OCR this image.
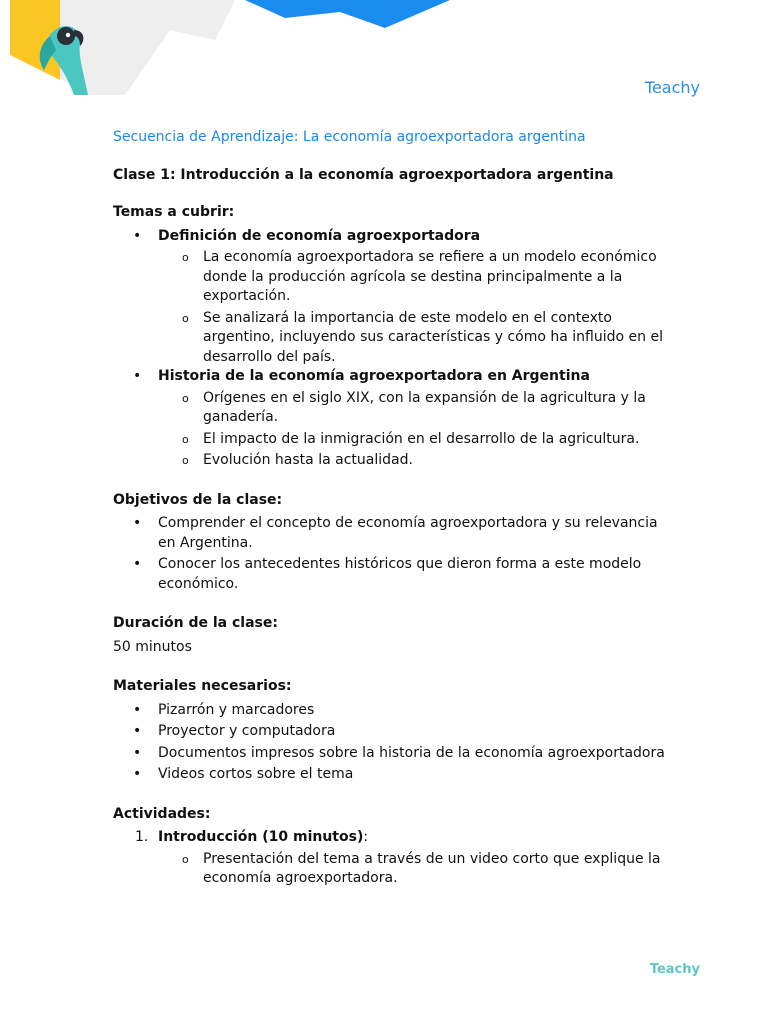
Teachy
Secuencia de Aprendizaje: La economía agroexportadora argentina
Clase 1: Introducción a la economía agroexportadora argentina
Temas a cubrir:
• Definición de economía agroexportadora
o La economía agroexportadora se refiere a un modelo económico donde la producción agrícola se destina principalmente a la exportación.
o Se analizará la importancia de este modelo en el contexto argentino, incluyendo sus características y cómo ha influido en el desarrollo del país.
• Historia de la economía agroexportadora en Argentina
o Orígenes en el siglo XIX, con la expansión de la agricultura y la ganadería.
o El impacto de la inmigración en el desarrollo de la agricultura.
o Evolución hasta la actualidad.
Objetivos de la clase:
• Comprender el concepto de economía agroexportadora y su relevancia en Argentina.
• Conocer los antecedentes históricos que dieron forma a este modelo económico.
Duración de la clase:

50 minutos

Materiales necesarios:
• Pizarrón y marcadores
• Proyector y computadora
• Documentos impresos sobre la historia de la economía agroexportadora
• Videos cortos sobre el tema
Actividades:
1. Introducción (10 minutos):
o Presentación del tema a través de un video corto que explique la economía agroexportadora.
Teachy
